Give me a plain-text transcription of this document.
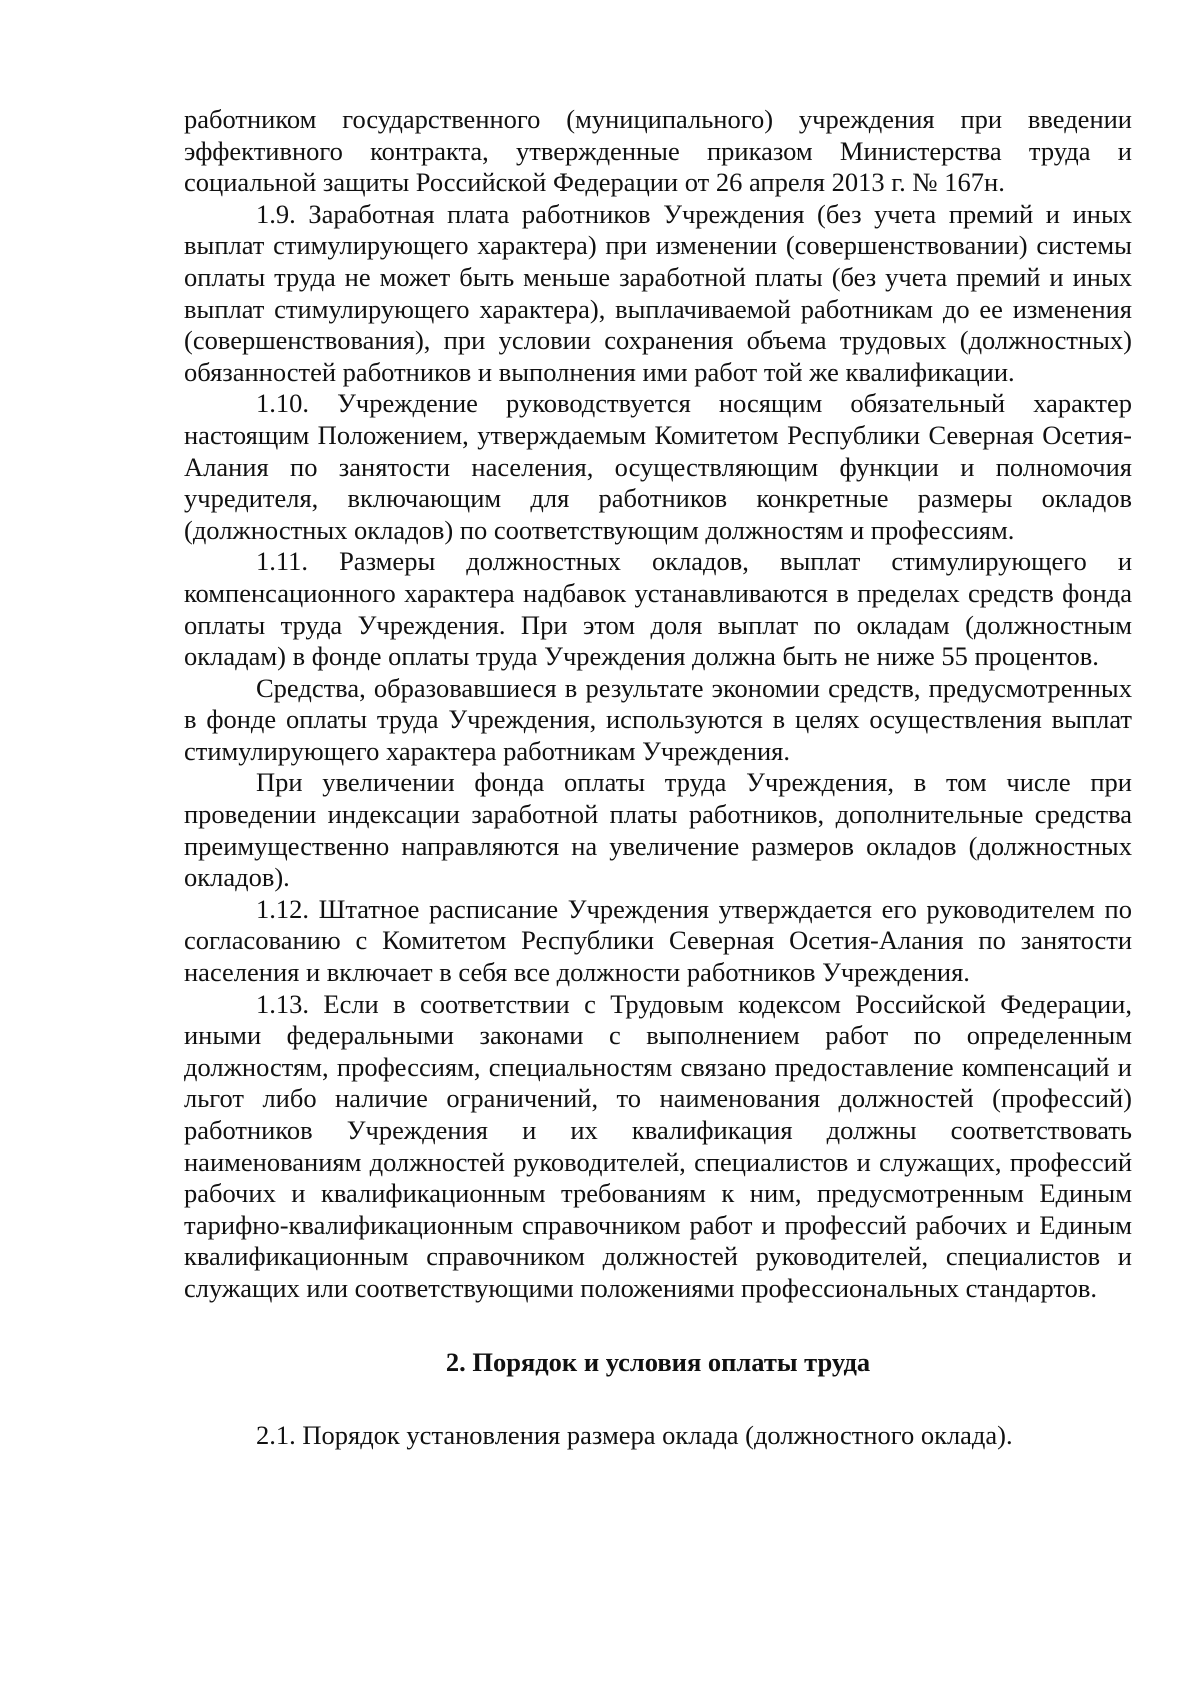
работником государственного (муниципального) учреждения при введении эффективного контракта, утвержденные приказом Министерства труда и социальной защиты Российской Федерации от 26 апреля 2013 г. № 167н.

1.9. Заработная плата работников Учреждения (без учета премий и иных выплат стимулирующего характера) при изменении (совершенствовании) системы оплаты труда не может быть меньше заработной платы (без учета премий и иных выплат стимулирующего характера), выплачиваемой работникам до ее изменения (совершенствования), при условии сохранения объема трудовых (должностных) обязанностей работников и выполнения ими работ той же квалификации.

1.10. Учреждение руководствуется носящим обязательный характер настоящим Положением, утверждаемым Комитетом Республики Северная Осетия-Алания по занятости населения, осуществляющим функции и полномочия учредителя, включающим для работников конкретные размеры окладов (должностных окладов) по соответствующим должностям и профессиям.

1.11. Размеры должностных окладов, выплат стимулирующего и компенсационного характера надбавок устанавливаются в пределах средств фонда оплаты труда Учреждения. При этом доля выплат по окладам (должностным окладам) в фонде оплаты труда Учреждения должна быть не ниже 55 процентов.

Средства, образовавшиеся в результате экономии средств, предусмотренных в фонде оплаты труда Учреждения, используются в целях осуществления выплат стимулирующего характера работникам Учреждения.

При увеличении фонда оплаты труда Учреждения, в том числе при проведении индексации заработной платы работников, дополнительные средства преимущественно направляются на увеличение размеров окладов (должностных окладов).

1.12. Штатное расписание Учреждения утверждается его руководителем по согласованию с Комитетом Республики Северная Осетия-Алания по занятости населения и включает в себя все должности работников Учреждения.

1.13. Если в соответствии с Трудовым кодексом Российской Федерации, иными федеральными законами с выполнением работ по определенным должностям, профессиям, специальностям связано предоставление компенсаций и льгот либо наличие ограничений, то наименования должностей (профессий) работников Учреждения и их квалификация должны соответствовать наименованиям должностей руководителей, специалистов и служащих, профессий рабочих и квалификационным требованиям к ним, предусмотренным Единым тарифно-квалификационным справочником работ и профессий рабочих и Единым квалификационным справочником должностей руководителей, специалистов и служащих или соответствующими положениями профессиональных стандартов.

2. Порядок и условия оплаты труда
2.1. Порядок установления размера оклада (должностного оклада).
